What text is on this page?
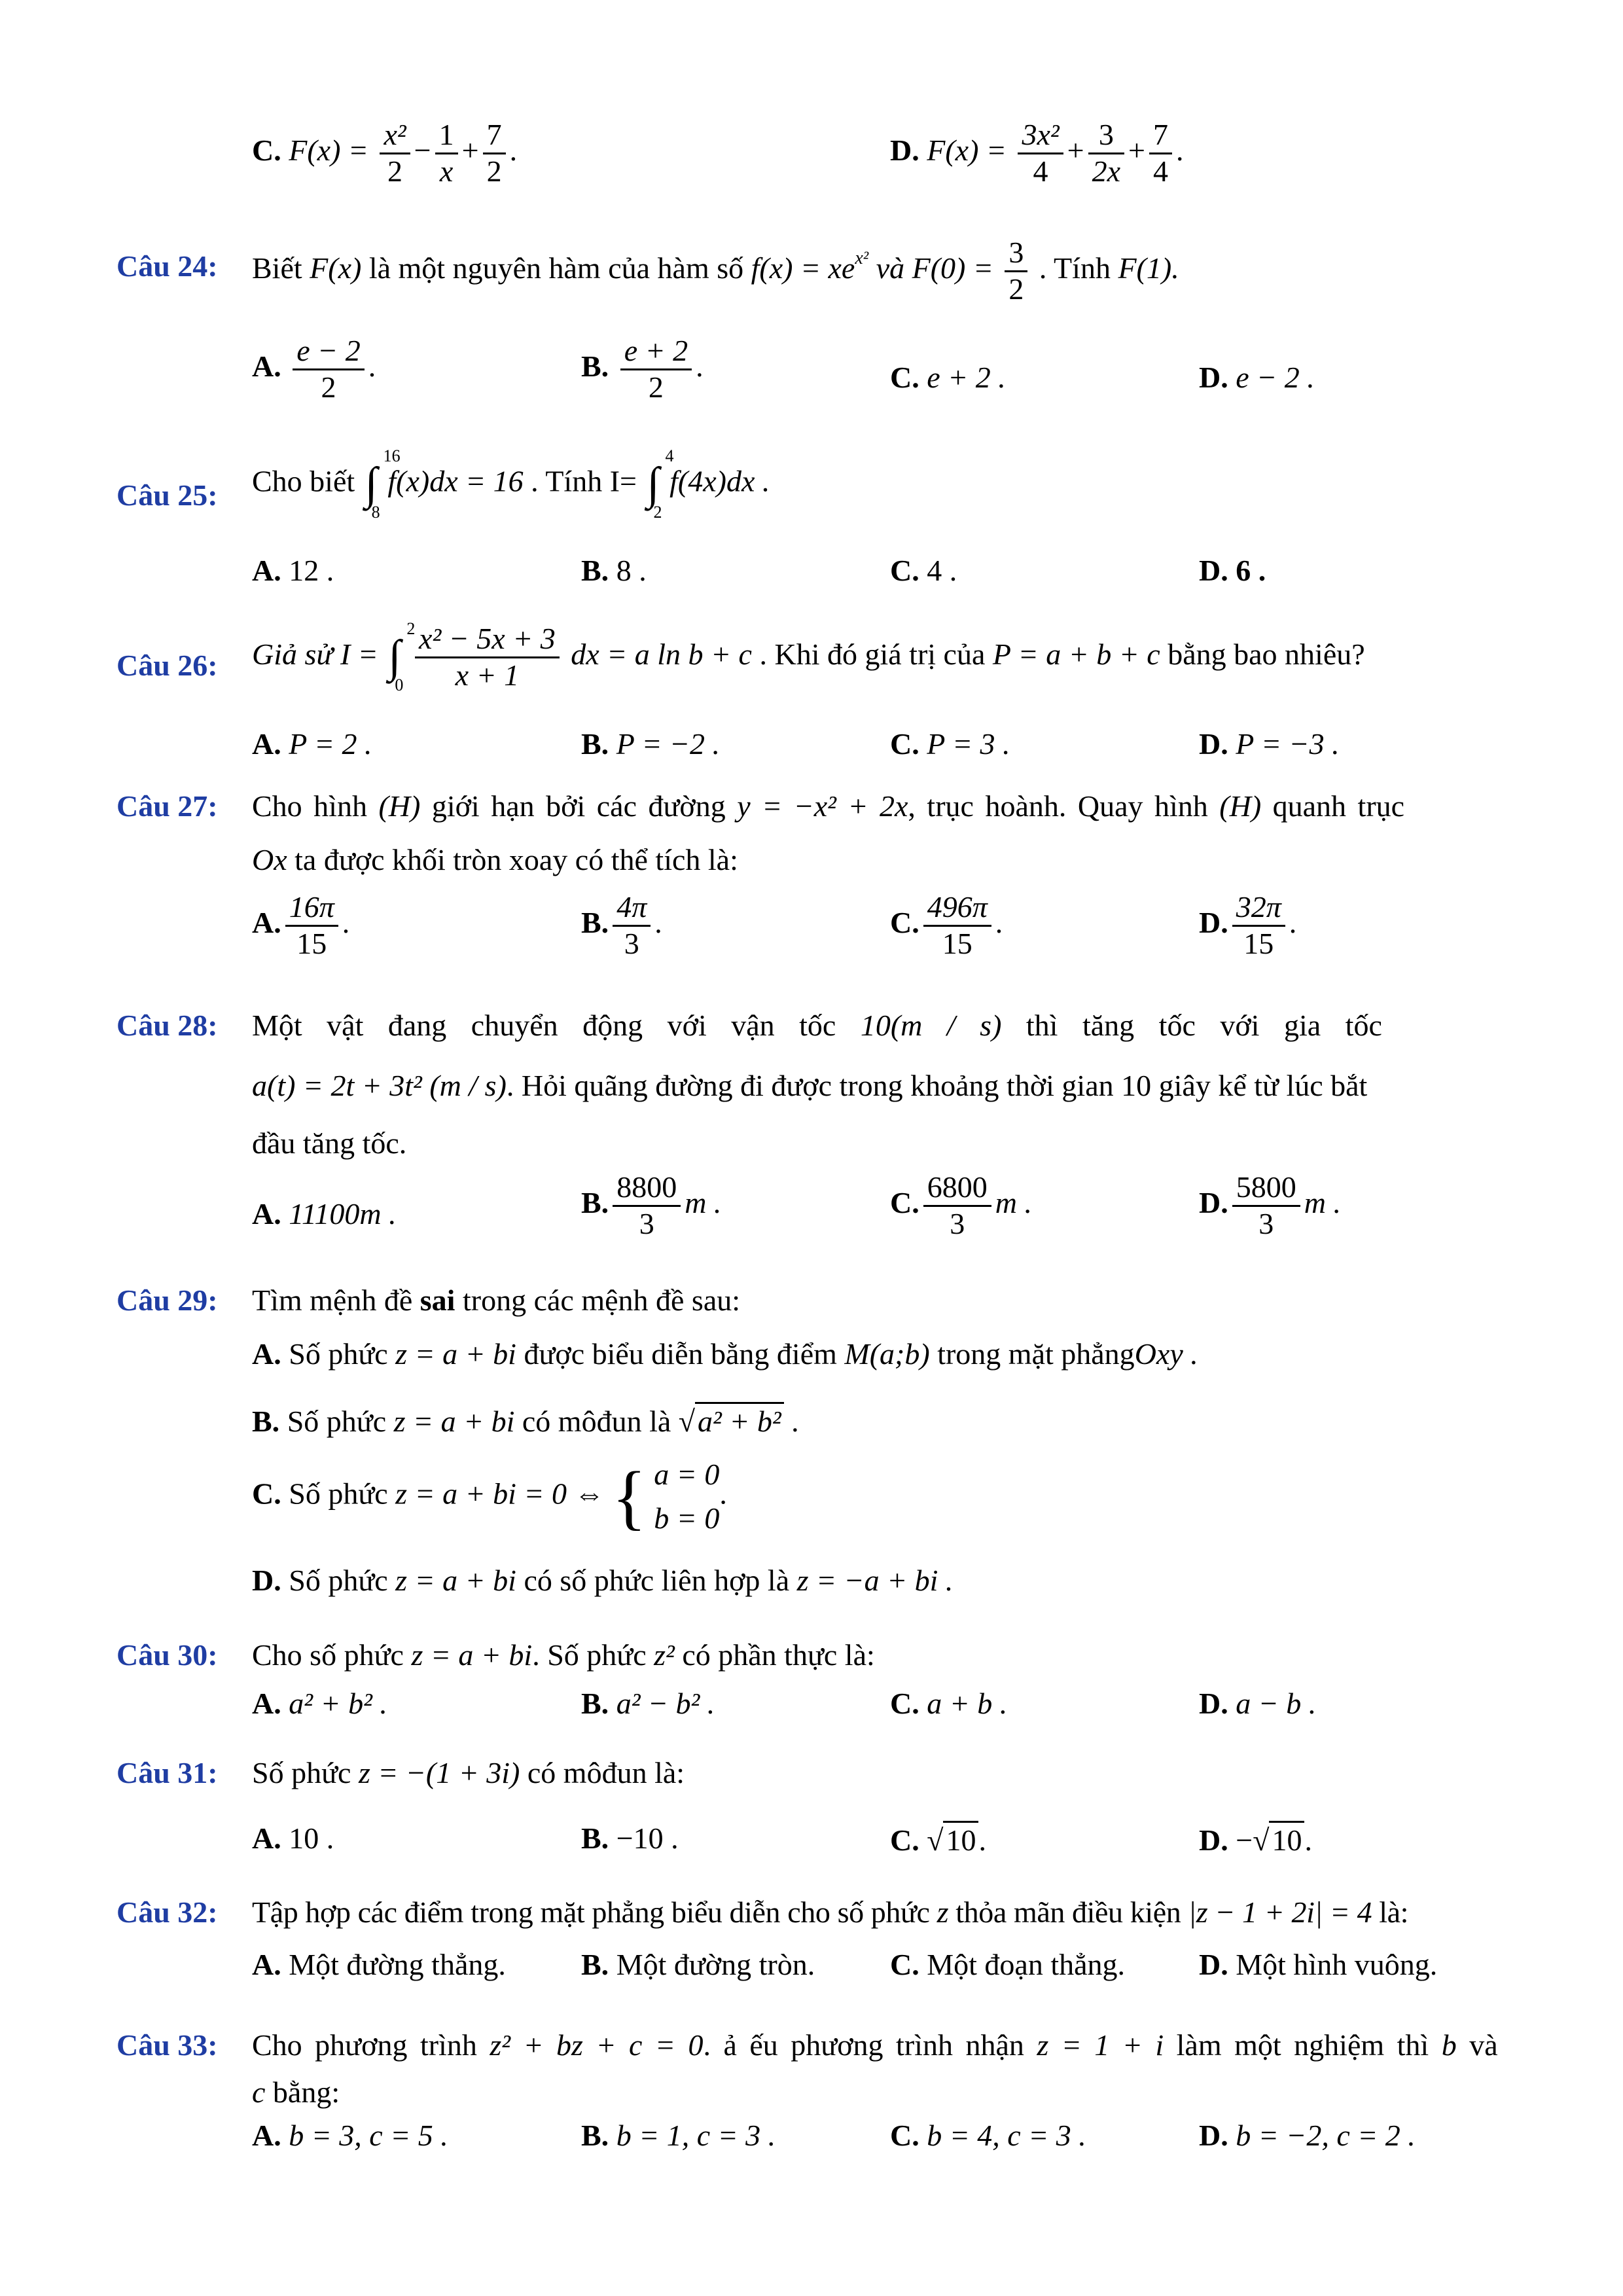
C. $F(x) = \frac{\text{x²}}{2} - \frac{1}{x} + \frac{7}{2}$ .	D. $F(x) = \frac{\text{3x²}}{4} + \frac{3}{2x} + \frac{7}{4}$ .
Câu 24: Biết F(x) là một nguyên hàm của hàm số $f(x) = xe^{x^2}$ và $F(0) = \frac{3}{2}$ . Tính F(1).
A. $\frac{e - 2}{2}$ .	B. $\frac{e + 2}{2}$ .	C. e + 2 .	D. e − 2 .
Câu 25: Cho biết ∫
16
8
f(x)dx = 16 . Tính I= ∫
4
2
f(4x)dx .
A. 12 .	B. 8 .	C. 4 .	D. 6 .
Câu 26: Giả sử I = ∫
2
0
$\frac{\text{x² − 5x + 3}}{x + 1}$ dx = a ln b + c . Khi đó giá trị của P = a + b + c bằng bao nhiêu?
A. P = 2 .	B. P = −2 .	C. P = 3 .	D. P = −3 .
Câu 27: Cho hình (H) giới hạn bởi các đường y = −x² + 2x, trục hoành. Quay hình (H) quanh trục
Ox ta được khối tròn xoay có thể tích là:
A. $\frac{16\pi}{15}$ .	B. $\frac{4\pi}{3}$ .	C. $\frac{496\pi}{15}$ .	D. $\frac{32\pi}{15}$ .
Câu 28: Một vật đang chuyển động với vận tốc 10(m / s) thì tăng tốc với gia tốc
a(t) = 2t + 3t² (m / s). Hỏi quãng đường đi được trong khoảng thời gian 10 giây kể từ lúc bắt
đầu tăng tốc.
A. 11100m .	B. $\frac{8800}{3}$ m .	C. $\frac{6800}{3}$ m .	D. $\frac{5800}{3}$ m .
Câu 29: Tìm mệnh đề sai trong các mệnh đề sau:
A. Số phức z = a + bi được biểu diễn bằng điểm M(a;b) trong mặt phẳngOxy .
B. Số phức z = a + bi có môđun là √a² + b² .
C. Số phức z = a + bi = 0 ⇔ { a = 0
b = 0
.
D. Số phức z = a + bi có số phức liên hợp là z = −a + bi .
Câu 30: Cho số phức z = a + bi. Số phức z² có phần thực là:
A. a² + b² .	B. a² − b² .	C. a + b .	D. a − b .
Câu 31: Số phức z = −(1 + 3i) có môđun là:
A. 10 .	B. −10 .	C. √10.	D. −√10.
Câu 32: Tập hợp các điểm trong mặt phẳng biểu diễn cho số phức z thỏa mãn điều kiện |z − 1 + 2i| = 4 là:
A. Một đường thẳng.	B. Một đường tròn. C. Một đoạn thẳng. D. Một hình vuông.
Câu 33: Cho phương trình z² + bz + c = 0. ả ếu phương trình nhận z = 1 + i làm một nghiệm thì b và
c bằng:
A. b = 3, c = 5 .	B. b = 1, c = 3 .	C. b = 4, c = 3 .	D. b = −2, c = 2 .
